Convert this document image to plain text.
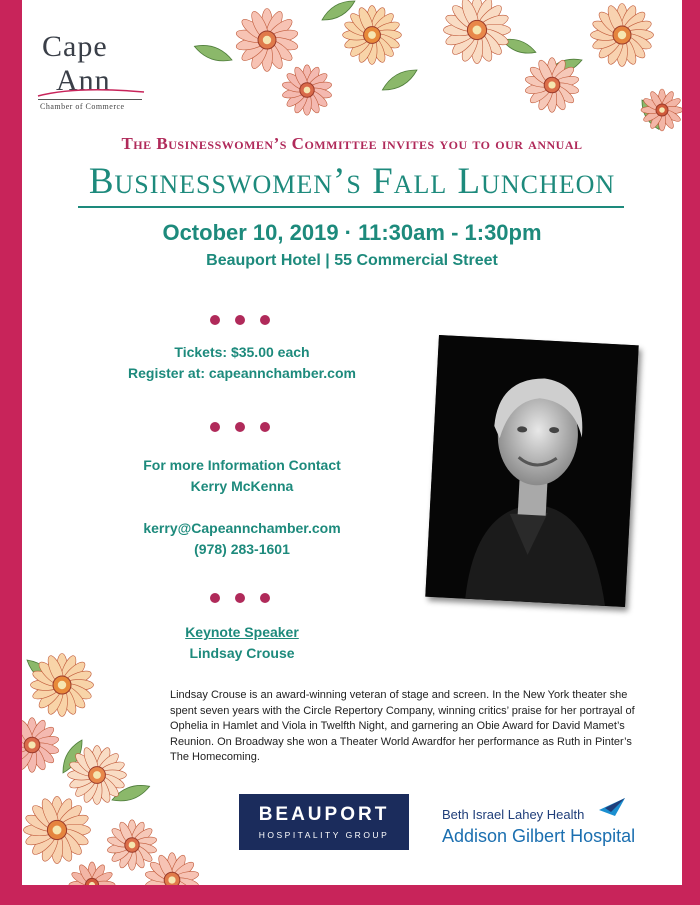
Cape
Ann
Chamber of Commerce
The Businesswomen’s Committee invites you to our annual
Businesswomen’s Fall Luncheon
October 10, 2019 · 11:30am - 1:30pm
Beauport Hotel | 55 Commercial Street
Tickets: $35.00 each
Register at: capeannchamber.com
For more Information Contact
Kerry McKenna
kerry@Capeannchamber.com
(978) 283-1601
Keynote Speaker
Lindsay Crouse
Lindsay Crouse is an award-winning veteran of stage and screen. In the New York theater she spent seven years with the Circle Repertory Company, winning critics’ praise for her portrayal of Ophelia in Hamlet and Viola in Twelfth Night, and garnering an Obie Award for David Mamet’s Reunion. On Broadway she won a Theater World Awardfor her performance as Ruth in Pinter’s The Homecoming.
BEAUPORT
HOSPITALITY GROUP
Beth Israel Lahey Health
Addison Gilbert Hospital
